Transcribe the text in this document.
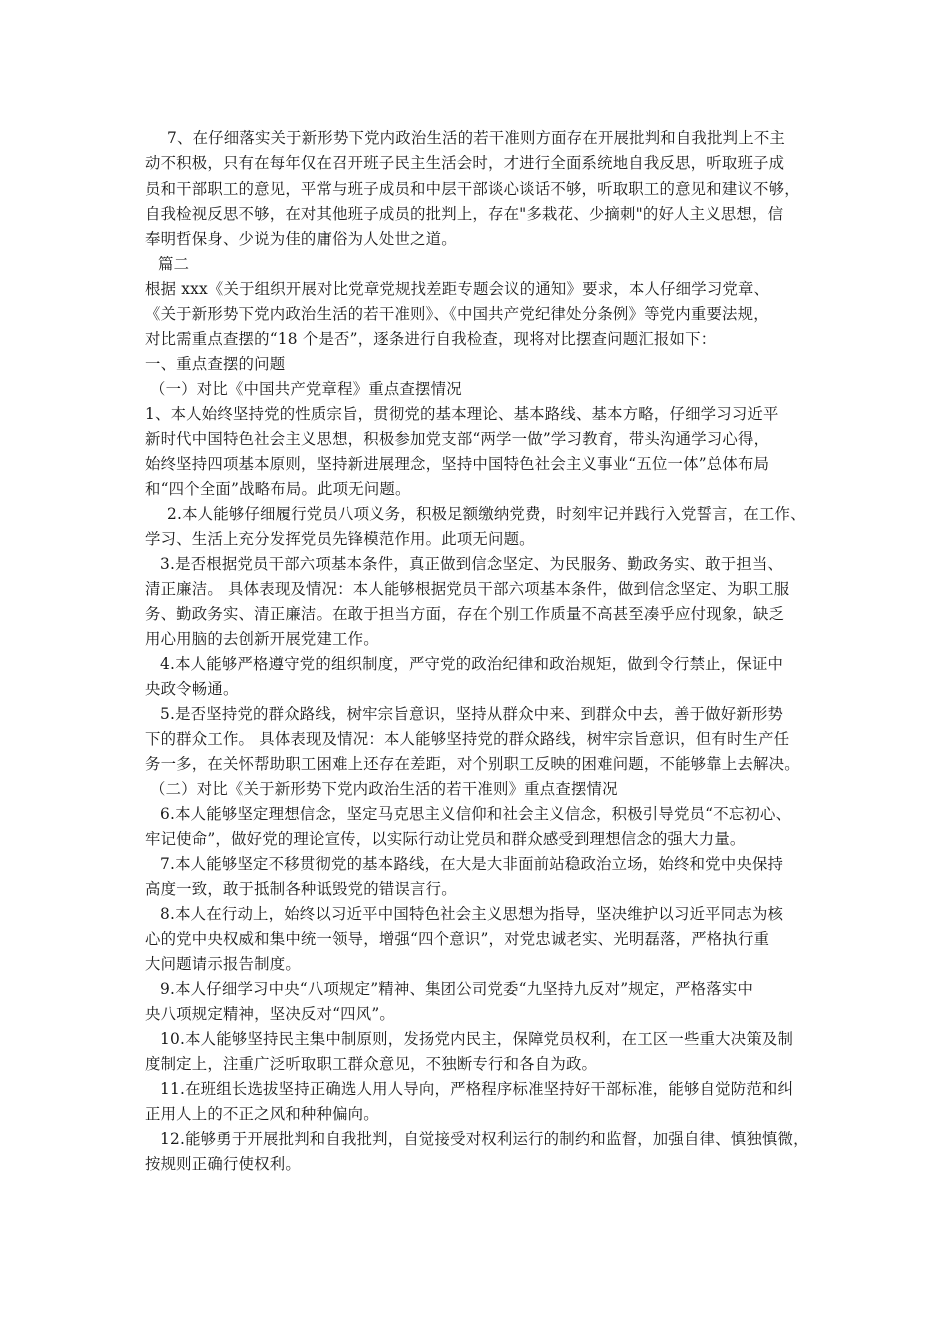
7、在仔细落实关于新形势下党内政治生活的若干准则方面存在开展批判和自我批判上不主

动不积极，只有在每年仅在召开班子民主生活会时，才进行全面系统地自我反思，听取班子成

员和干部职工的意见，平常与班子成员和中层干部谈心谈话不够，听取职工的意见和建议不够，

自我检视反思不够，在对其他班子成员的批判上，存在"多栽花、少摘刺"的好人主义思想，信

奉明哲保身、少说为佳的庸俗为人处世之道。

篇二

根据 xxx《关于组织开展对比党章党规找差距专题会议的通知》要求，本人仔细学习党章、

《关于新形势下党内政治生活的若干准则》、《中国共产党纪律处分条例》等党内重要法规，

对比需重点查摆的“18 个是否”，逐条进行自我检查，现将对比摆查问题汇报如下：

一、重点查摆的问题

（一）对比《中国共产党章程》重点查摆情况

1、本人始终坚持党的性质宗旨，贯彻党的基本理论、基本路线、基本方略，仔细学习习近平

新时代中国特色社会主义思想，积极参加党支部“两学一做”学习教育，带头沟通学习心得，

始终坚持四项基本原则，坚持新进展理念，坚持中国特色社会主义事业“五位一体”总体布局

和“四个全面”战略布局。此项无问题。

2.本人能够仔细履行党员八项义务，积极足额缴纳党费，时刻牢记并践行入党誓言，在工作、

学习、生活上充分发挥党员先锋模范作用。此项无问题。

3.是否根据党员干部六项基本条件，真正做到信念坚定、为民服务、勤政务实、敢于担当、

清正廉洁。 具体表现及情况：本人能够根据党员干部六项基本条件，做到信念坚定、为职工服

务、勤政务实、清正廉洁。在敢于担当方面，存在个别工作质量不高甚至凑乎应付现象，缺乏

用心用脑的去创新开展党建工作。

4.本人能够严格遵守党的组织制度，严守党的政治纪律和政治规矩，做到令行禁止，保证中

央政令畅通。

5.是否坚持党的群众路线，树牢宗旨意识，坚持从群众中来、到群众中去，善于做好新形势

下的群众工作。 具体表现及情况：本人能够坚持党的群众路线，树牢宗旨意识，但有时生产任

务一多，在关怀帮助职工困难上还存在差距，对个别职工反映的困难问题，不能够靠上去解决。

（二）对比《关于新形势下党内政治生活的若干准则》重点查摆情况

6.本人能够坚定理想信念，坚定马克思主义信仰和社会主义信念，积极引导党员“不忘初心、

牢记使命”，做好党的理论宣传，以实际行动让党员和群众感受到理想信念的强大力量。

7.本人能够坚定不移贯彻党的基本路线，在大是大非面前站稳政治立场，始终和党中央保持

高度一致，敢于抵制各种诋毁党的错误言行。

8.本人在行动上，始终以习近平中国特色社会主义思想为指导，坚决维护以习近平同志为核

心的党中央权威和集中统一领导，增强“四个意识”，对党忠诚老实、光明磊落，严格执行重

大问题请示报告制度。

9.本人仔细学习中央“八项规定”精神、集团公司党委“九坚持九反对”规定，严格落实中

央八项规定精神，坚决反对“四风”。

10.本人能够坚持民主集中制原则，发扬党内民主，保障党员权利，在工区一些重大决策及制

度制定上，注重广泛听取职工群众意见，不独断专行和各自为政。

11.在班组长选拔坚持正确选人用人导向，严格程序标准坚持好干部标准，能够自觉防范和纠

正用人上的不正之风和种种偏向。

12.能够勇于开展批判和自我批判，自觉接受对权利运行的制约和监督，加强自律、慎独慎微，

按规则正确行使权利。
